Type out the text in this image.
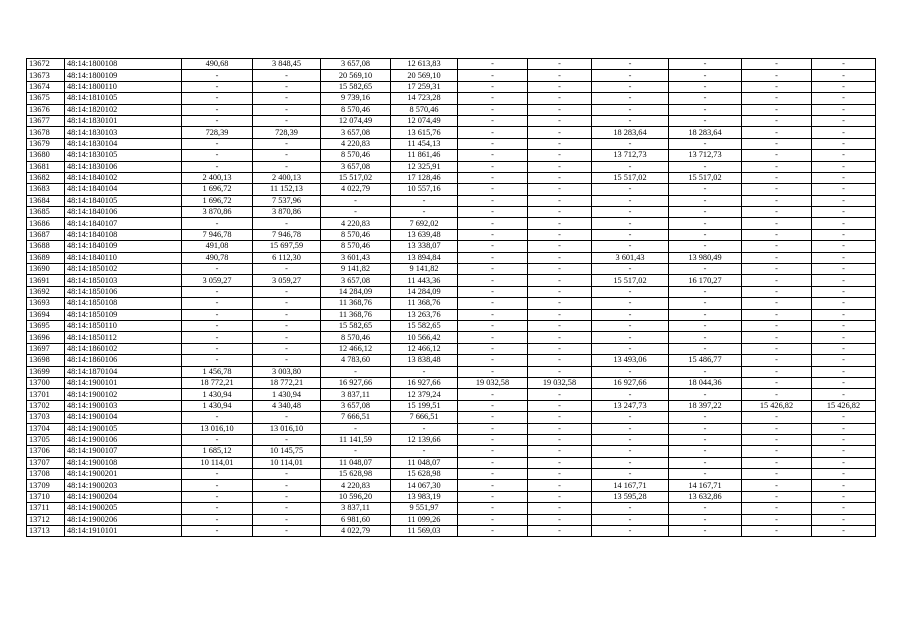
13672	48:14:1800108	490,68	3 848,45	3 657,08	12 613,83	-	-	-	-	-	-
13673	48:14:1800109	-	-	20 569,10	20 569,10	-	-	-	-	-	-
13674	48:14:1800110	-	-	15 582,65	17 259,31	-	-	-	-	-	-
13675	48:14:1810105	-	-	9 739,16	14 723,28	-	-	-	-	-	-
13676	48:14:1820102	-	-	8 570,46	8 570,46	-	-	-	-	-	-
13677	48:14:1830101	-	-	12 074,49	12 074,49	-	-	-	-	-	-
13678	48:14:1830103	728,39	728,39	3 657,08	13 615,76	-	-	18 283,64	18 283,64	-	-
13679	48:14:1830104	-	-	4 220,83	11 454,13	-	-	-	-	-	-
13680	48:14:1830105	-	-	8 570,46	11 861,46	-	-	13 712,73	13 712,73	-	-
13681	48:14:1830106	-	-	3 657,08	12 325,91	-	-	-	-	-	-
13682	48:14:1840102	2 400,13	2 400,13	15 517,02	17 128,46	-	-	15 517,02	15 517,02	-	-
13683	48:14:1840104	1 696,72	11 152,13	4 022,79	10 557,16	-	-	-	-	-	-
13684	48:14:1840105	1 696,72	7 537,96	-	-	-	-	-	-	-	-
13685	48:14:1840106	3 870,86	3 870,86	-	-	-	-	-	-	-	-
13686	48:14:1840107	-	-	4 220,83	7 692,02	-	-	-	-	-	-
13687	48:14:1840108	7 946,78	7 946,78	8 570,46	13 639,48	-	-	-	-	-	-
13688	48:14:1840109	491,08	15 697,59	8 570,46	13 338,07	-	-	-	-	-	-
13689	48:14:1840110	490,78	6 112,30	3 601,43	13 894,84	-	-	3 601,43	13 980,49	-	-
13690	48:14:1850102	-	-	9 141,82	9 141,82	-	-	-	-	-	-
13691	48:14:1850103	3 059,27	3 059,27	3 657,08	11 443,36	-	-	15 517,02	16 170,27	-	-
13692	48:14:1850106	-	-	14 284,09	14 284,09	-	-	-	-	-	-
13693	48:14:1850108	-	-	11 368,76	11 368,76	-	-	-	-	-	-
13694	48:14:1850109	-	-	11 368,76	13 263,76	-	-	-	-	-	-
13695	48:14:1850110	-	-	15 582,65	15 582,65	-	-	-	-	-	-
13696	48:14:1850112	-	-	8 570,46	10 566,42	-	-	-	-	-	-
13697	48:14:1860102	-	-	12 466,12	12 466,12	-	-	-	-	-	-
13698	48:14:1860106	-	-	4 783,60	13 838,48	-	-	13 493,06	15 486,77	-	-
13699	48:14:1870104	1 456,78	3 003,80	-	-	-	-	-	-	-	-
13700	48:14:1900101	18 772,21	18 772,21	16 927,66	16 927,66	19 032,58	19 032,58	16 927,66	18 044,36	-	-
13701	48:14:1900102	1 430,94	1 430,94	3 837,11	12 379,24	-	-	-	-	-	-
13702	48:14:1900103	1 430,94	4 340,48	3 657,08	15 199,51	-	-	13 247,73	18 397,22	15 426,82	15 426,82
13703	48:14:1900104	-	-	7 666,51	7 666,51	-	-	-	-	-	-
13704	48:14:1900105	13 016,10	13 016,10	-	-	-	-	-	-	-	-
13705	48:14:1900106	-	-	11 141,59	12 139,66	-	-	-	-	-	-
13706	48:14:1900107	1 685,12	10 145,75	-	-	-	-	-	-	-	-
13707	48:14:1900108	10 114,01	10 114,01	11 048,07	11 048,07	-	-	-	-	-	-
13708	48:14:1900201	-	-	15 628,98	15 628,98	-	-	-	-	-	-
13709	48:14:1900203	-	-	4 220,83	14 067,30	-	-	14 167,71	14 167,71	-	-
13710	48:14:1900204	-	-	10 596,20	13 983,19	-	-	13 595,28	13 632,86	-	-
13711	48:14:1900205	-	-	3 837,11	9 551,97	-	-	-	-	-	-
13712	48:14:1900206	-	-	6 981,60	11 099,26	-	-	-	-	-	-
13713	48:14:1910101	-	-	4 022,79	11 569,03	-	-	-	-	-	-
